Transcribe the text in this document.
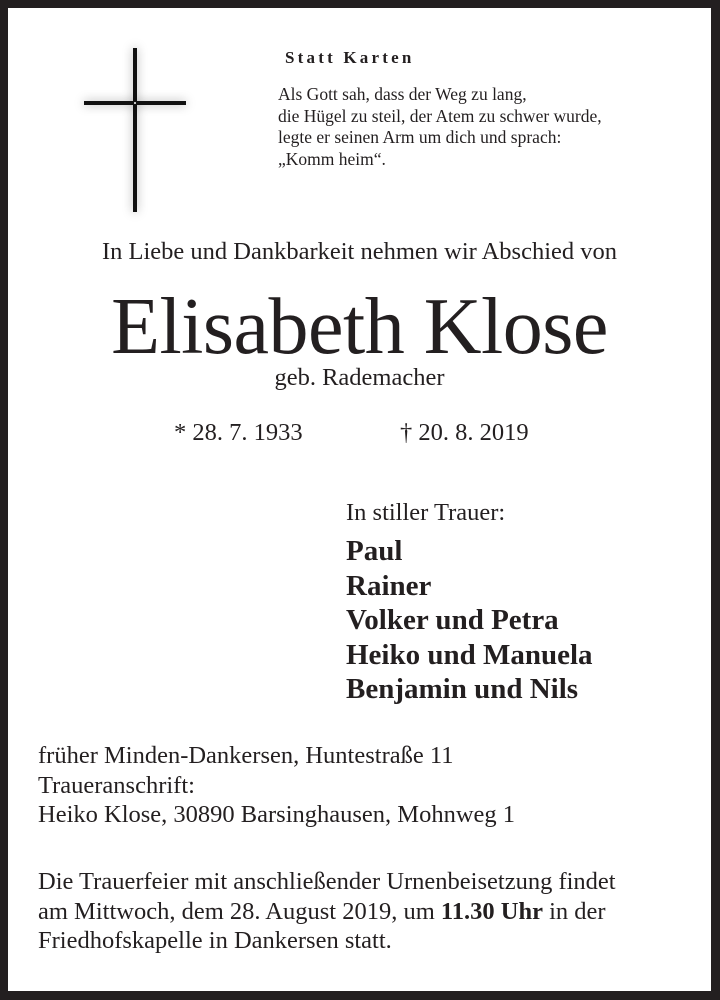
Statt Karten
Als Gott sah, dass der Weg zu lang,
die Hügel zu steil, der Atem zu schwer wurde,
legte er seinen Arm um dich und sprach:
„Komm heim“.
In Liebe und Dankbarkeit nehmen wir Abschied von
Elisabeth Klose
geb. Rademacher
* 28. 7. 1933	† 20. 8. 2019
In stiller Trauer:
Paul
Rainer
Volker und Petra
Heiko und Manuela
Benjamin und Nils
früher Minden-Dankersen, Huntestraße 11
Traueranschrift:
Heiko Klose, 30890 Barsinghausen, Mohnweg 1
Die Trauerfeier mit anschließender Urnenbeisetzung findet
am Mittwoch, dem 28. August 2019, um 11.30 Uhr in der
Friedhofskapelle in Dankersen statt.
